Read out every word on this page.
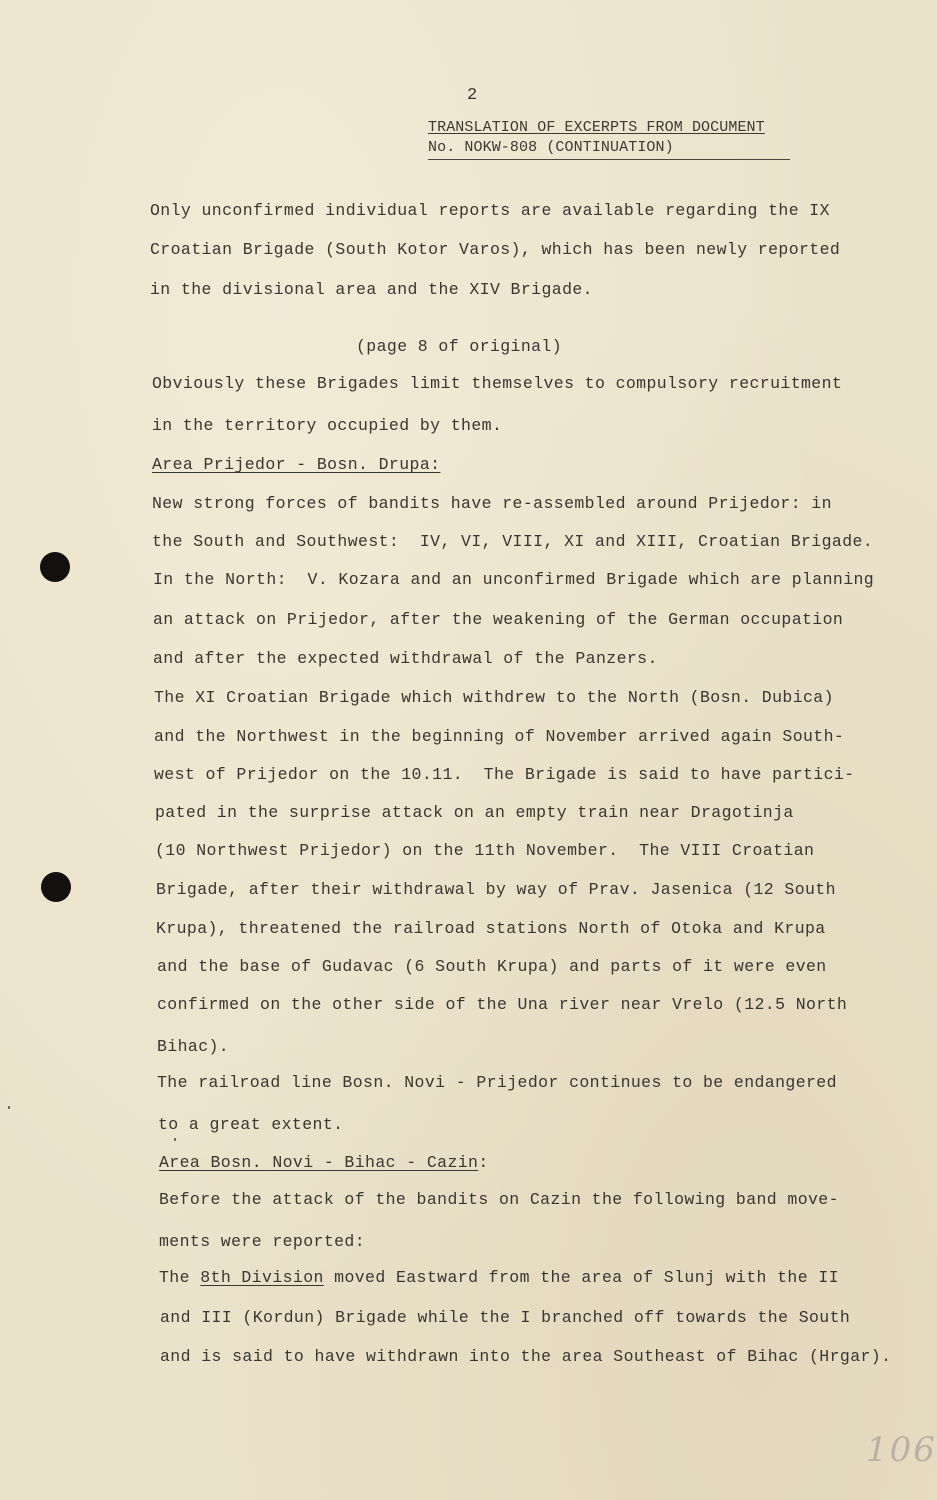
2
TRANSLATION OF EXCERPTS FROM DOCUMENT
No. NOKW-808 (CONTINUATION)
Only unconfirmed individual reports are available regarding the IX
Croatian Brigade (South Kotor Varos), which has been newly reported
in the divisional area and the XIV Brigade.
(page 8 of original)
Obviously these Brigades limit themselves to compulsory recruitment
in the territory occupied by them.
Area Prijedor - Bosn. Drupa:
New strong forces of bandits have re-assembled around Prijedor: in
the South and Southwest:  IV, VI, VIII, XI and XIII, Croatian Brigade.
In the North:  V. Kozara and an unconfirmed Brigade which are planning
an attack on Prijedor, after the weakening of the German occupation
and after the expected withdrawal of the Panzers.
The XI Croatian Brigade which withdrew to the North (Bosn. Dubica)
and the Northwest in the beginning of November arrived again South-
west of Prijedor on the 10.11.  The Brigade is said to have partici-
pated in the surprise attack on an empty train near Dragotinja
(10 Northwest Prijedor) on the 11th November.  The VIII Croatian
Brigade, after their withdrawal by way of Prav. Jasenica (12 South
Krupa), threatened the railroad stations North of Otoka and Krupa
and the base of Gudavac (6 South Krupa) and parts of it were even
confirmed on the other side of the Una river near Vrelo (12.5 North
Bihac).
The railroad line Bosn. Novi - Prijedor continues to be endangered
to a great extent.
Area Bosn. Novi - Bihac - Cazin:
Before the attack of the bandits on Cazin the following band move-
ments were reported:
The 8th Division moved Eastward from the area of Slunj with the II
and III (Kordun) Brigade while the I branched off towards the South
and is said to have withdrawn into the area Southeast of Bihac (Hrgar).
106
